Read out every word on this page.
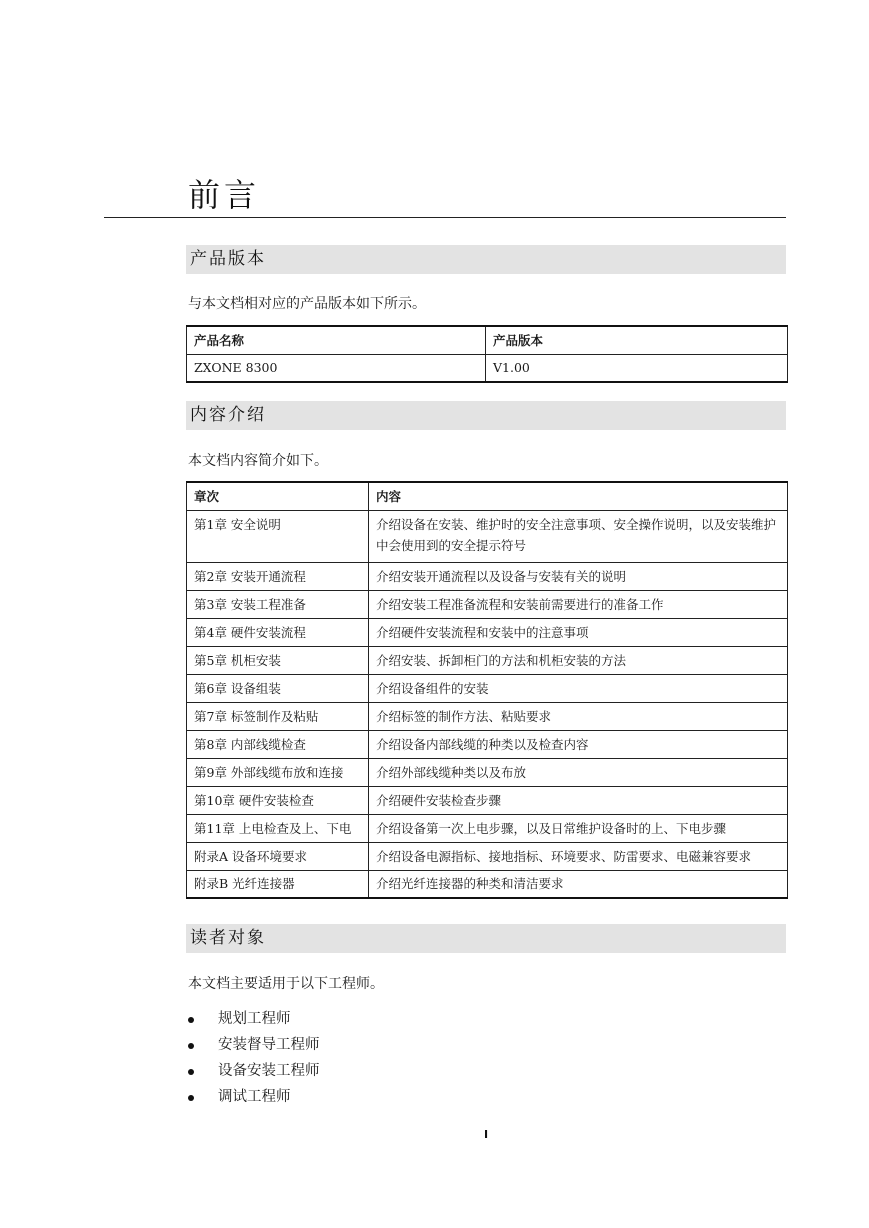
前言
产品版本

与本文档相对应的产品版本如下所示。

产品名称	产品版本
ZXONE 8300	V1.00
内容介绍

本文档内容简介如下。

章次	内容
第1章 安全说明	介绍设备在安装、维护时的安全注意事项、安全操作说明，以及安装维护中会使用到的安全提示符号
第2章 安装开通流程	介绍安装开通流程以及设备与安装有关的说明
第3章 安装工程准备	介绍安装工程准备流程和安装前需要进行的准备工作
第4章 硬件安装流程	介绍硬件安装流程和安装中的注意事项
第5章 机柜安装	介绍安装、拆卸柜门的方法和机柜安装的方法
第6章 设备组装	介绍设备组件的安装
第7章 标签制作及粘贴	介绍标签的制作方法、粘贴要求
第8章 内部线缆检查	介绍设备内部线缆的种类以及检查内容
第9章 外部线缆布放和连接	介绍外部线缆种类以及布放
第10章 硬件安装检查	介绍硬件安装检查步骤
第11章 上电检查及上、下电	介绍设备第一次上电步骤，以及日常维护设备时的上、下电步骤
附录A 设备环境要求	介绍设备电源指标、接地指标、环境要求、防雷要求、电磁兼容要求
附录B 光纤连接器	介绍光纤连接器的种类和清洁要求
读者对象

本文档主要适用于以下工程师。

规划工程师
安装督导工程师
设备安装工程师
调试工程师
I
